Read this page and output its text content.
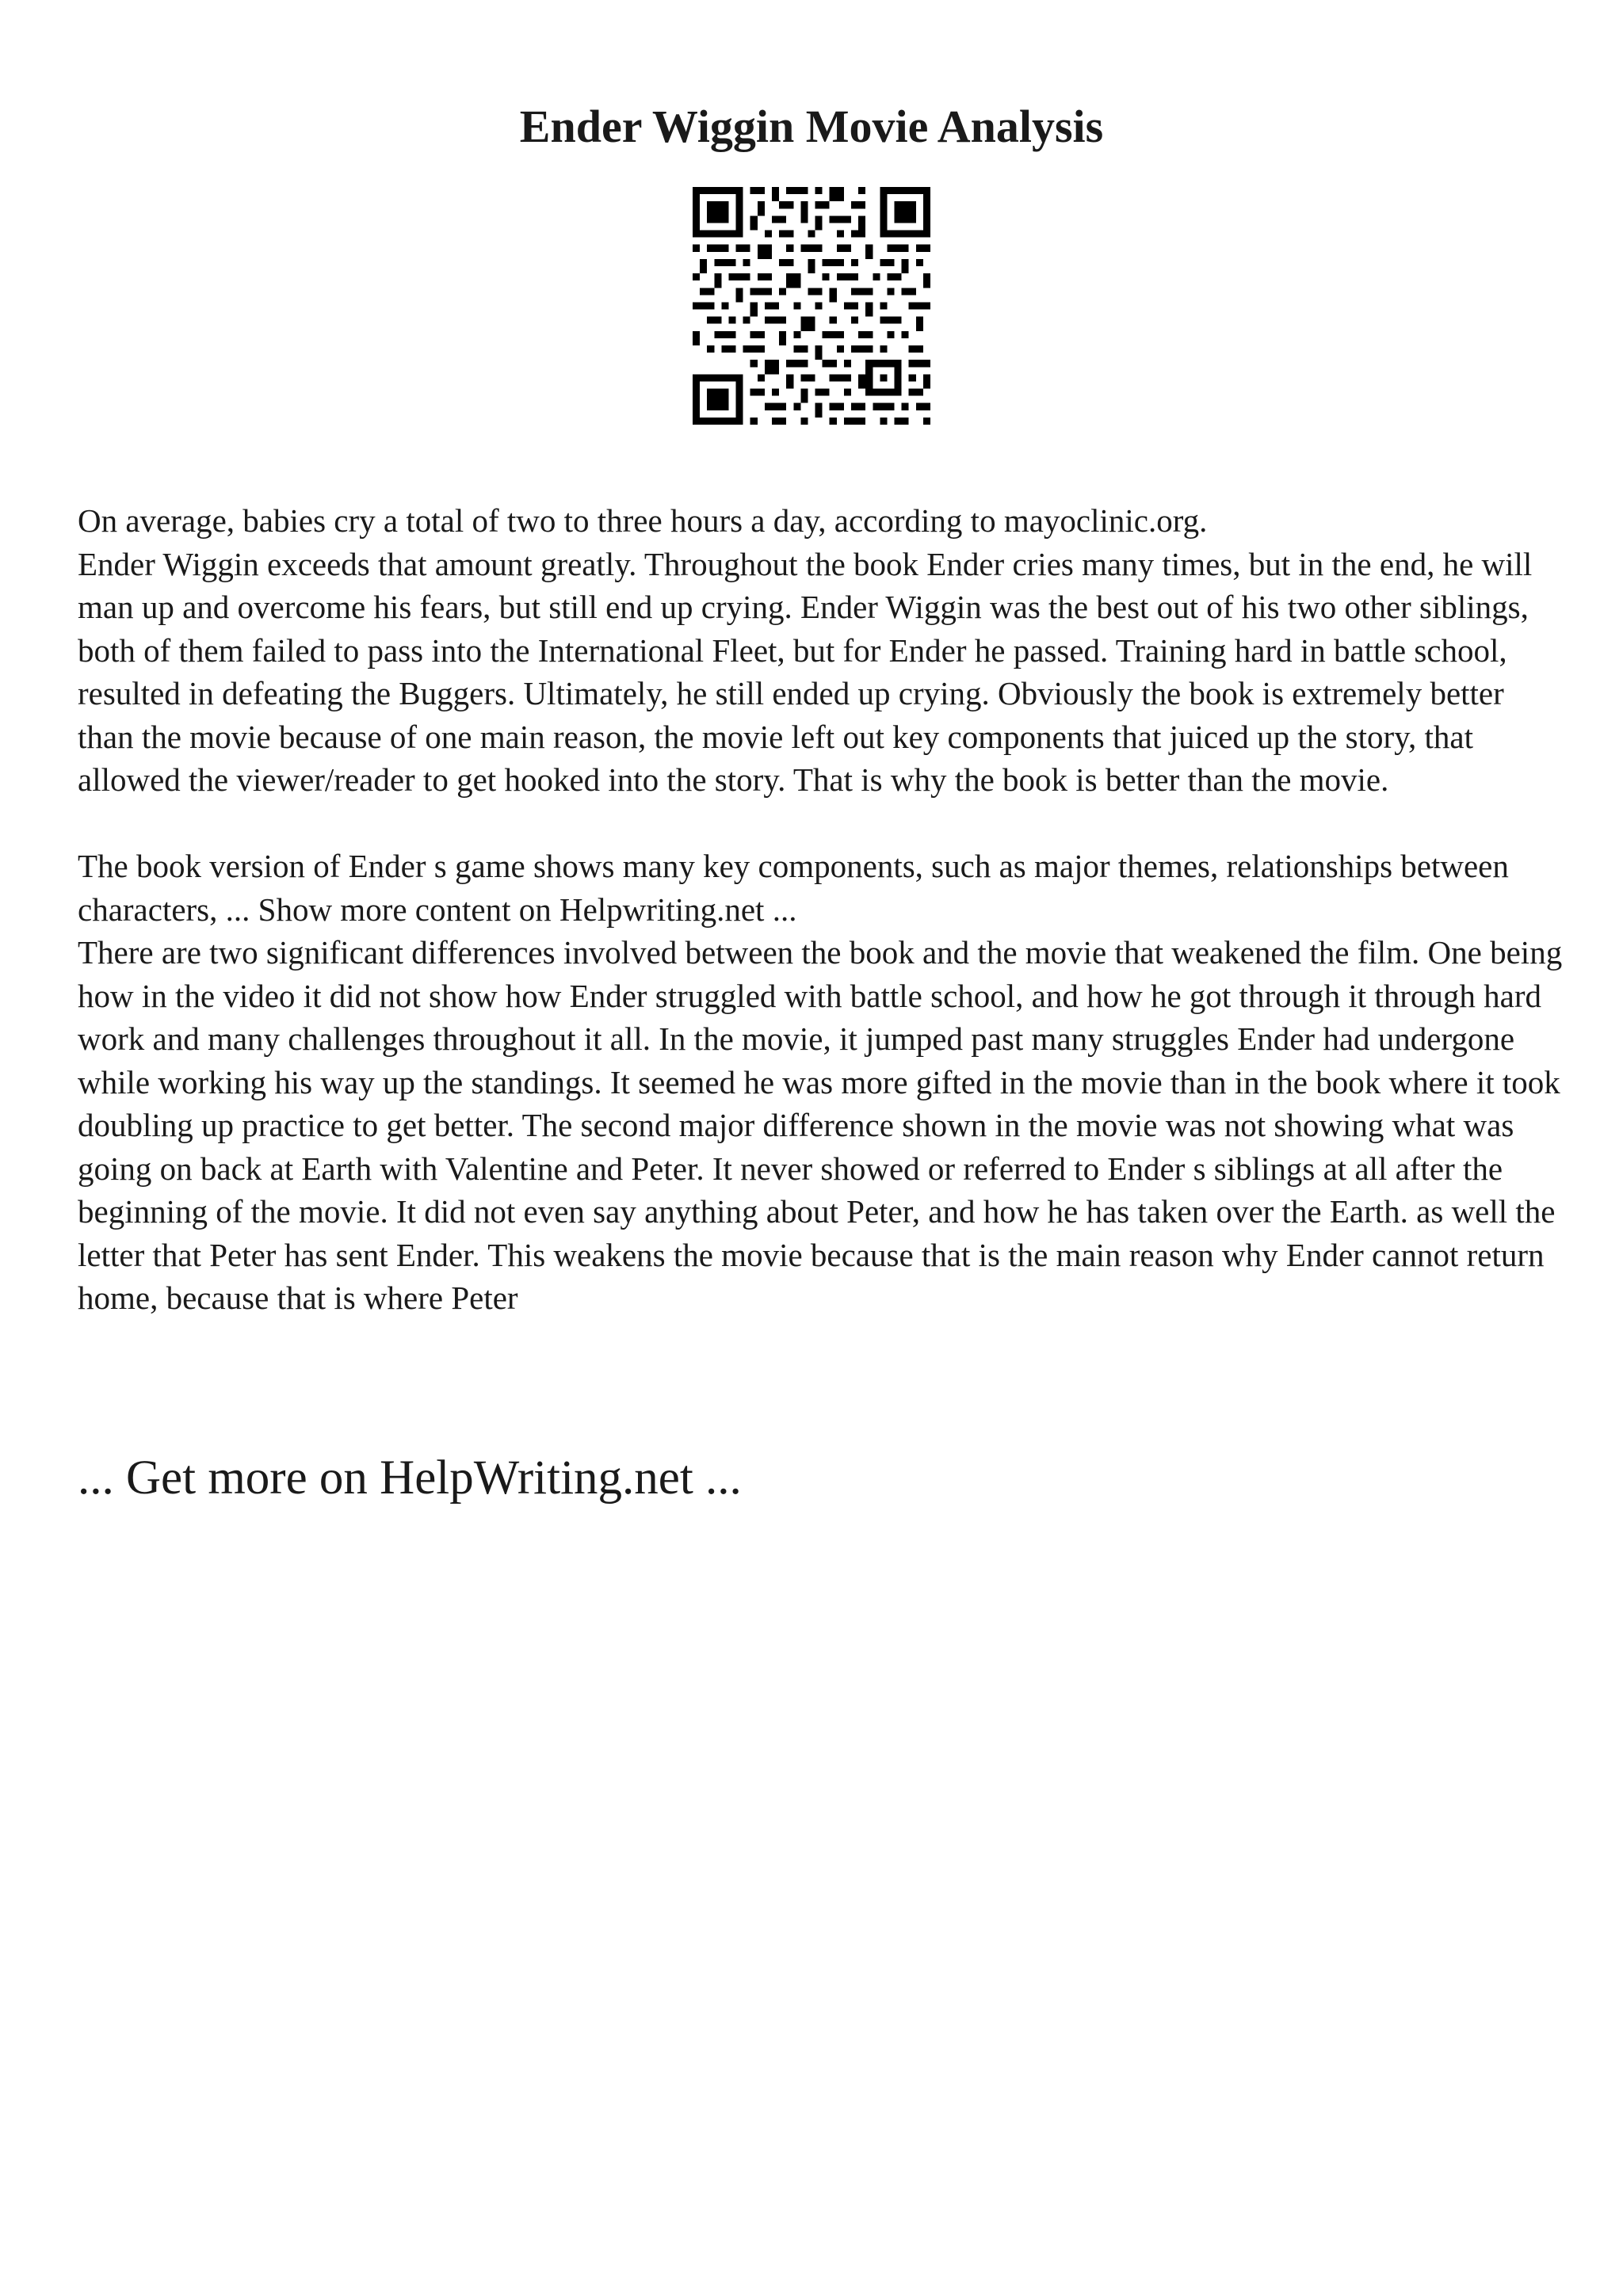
Ender Wiggin Movie Analysis

On average, babies cry a total of two to three hours a day, according to mayoclinic.org.

Ender Wiggin exceeds that amount greatly. Throughout the book Ender cries many times, but in the end, he will man up and overcome his fears, but still end up crying. Ender Wiggin was the best out of his two other siblings, both of them failed to pass into the International Fleet, but for Ender he passed. Training hard in battle school, resulted in defeating the Buggers. Ultimately, he still ended up crying. Obviously the book is extremely better than the movie because of one main reason, the movie left out key components that juiced up the story, that allowed the viewer/reader to get hooked into the story. That is why the book is better than the movie.

The book version of Ender s game shows many key components, such as major themes, relationships between characters, ... Show more content on Helpwriting.net ...

There are two significant differences involved between the book and the movie that weakened the film. One being how in the video it did not show how Ender struggled with battle school, and how he got through it through hard work and many challenges throughout it all. In the movie, it jumped past many struggles Ender had undergone while working his way up the standings. It seemed he was more gifted in the movie than in the book where it took doubling up practice to get better. The second major difference shown in the movie was not showing what was going on back at Earth with Valentine and Peter. It never showed or referred to Ender s siblings at all after the beginning of the movie. It did not even say anything about Peter, and how he has taken over the Earth. as well the letter that Peter has sent Ender. This weakens the movie because that is the main reason why Ender cannot return home, because that is where Peter

... Get more on HelpWriting.net ...
